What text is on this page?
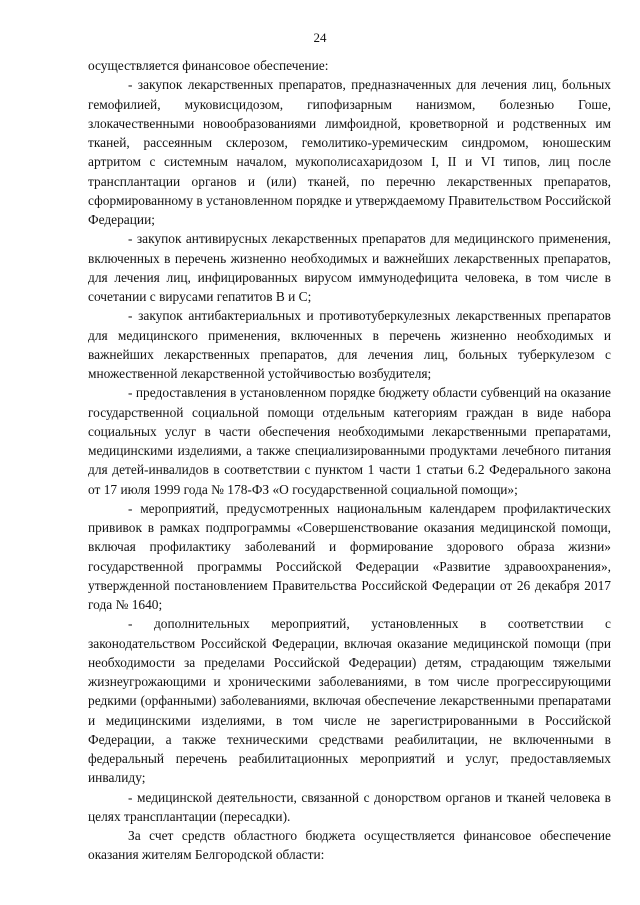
24

осуществляется финансовое обеспечение:

- закупок лекарственных препаратов, предназначенных для лечения лиц, больных гемофилией, муковисцидозом, гипофизарным нанизмом, болезнью Гоше, злокачественными новообразованиями лимфоидной, кроветворной и родственных им тканей, рассеянным склерозом, гемолитико-уремическим синдромом, юношеским артритом с системным началом, мукополисахаридозом I, II и VI типов, лиц после трансплантации органов и (или) тканей, по перечню лекарственных препаратов, сформированному в установленном порядке и утверждаемому Правительством Российской Федерации;

- закупок антивирусных лекарственных препаратов для медицинского применения, включенных в перечень жизненно необходимых и важнейших лекарственных препаратов, для лечения лиц, инфицированных вирусом иммунодефицита человека, в том числе в сочетании с вирусами гепатитов В и С;

- закупок антибактериальных и противотуберкулезных лекарственных препаратов для медицинского применения, включенных в перечень жизненно необходимых и важнейших лекарственных препаратов, для лечения лиц, больных туберкулезом с множественной лекарственной устойчивостью возбудителя;

- предоставления в установленном порядке бюджету области субвенций на оказание государственной социальной помощи отдельным категориям граждан в виде набора социальных услуг в части обеспечения необходимыми лекарственными препаратами, медицинскими изделиями, а также специализированными продуктами лечебного питания для детей-инвалидов в соответствии с пунктом 1 части 1 статьи 6.2 Федерального закона от 17 июля 1999 года № 178-ФЗ «О государственной социальной помощи»;

- мероприятий, предусмотренных национальным календарем профилактических прививок в рамках подпрограммы «Совершенствование оказания медицинской помощи, включая профилактику заболеваний и формирование здорового образа жизни» государственной программы Российской Федерации «Развитие здравоохранения», утвержденной постановлением Правительства Российской Федерации от 26 декабря 2017 года № 1640;

- дополнительных мероприятий, установленных в соответствии с законодательством Российской Федерации, включая оказание медицинской помощи (при необходимости за пределами Российской Федерации) детям, страдающим тяжелыми жизнеугрожающими и хроническими заболеваниями, в том числе прогрессирующими редкими (орфанными) заболеваниями, включая обеспечение лекарственными препаратами и медицинскими изделиями, в том числе не зарегистрированными в Российской Федерации, а также техническими средствами реабилитации, не включенными в федеральный перечень реабилитационных мероприятий и услуг, предоставляемых инвалиду;

- медицинской деятельности, связанной с донорством органов и тканей человека в целях трансплантации (пересадки).

За счет средств областного бюджета осуществляется финансовое обеспечение оказания жителям Белгородской области:
